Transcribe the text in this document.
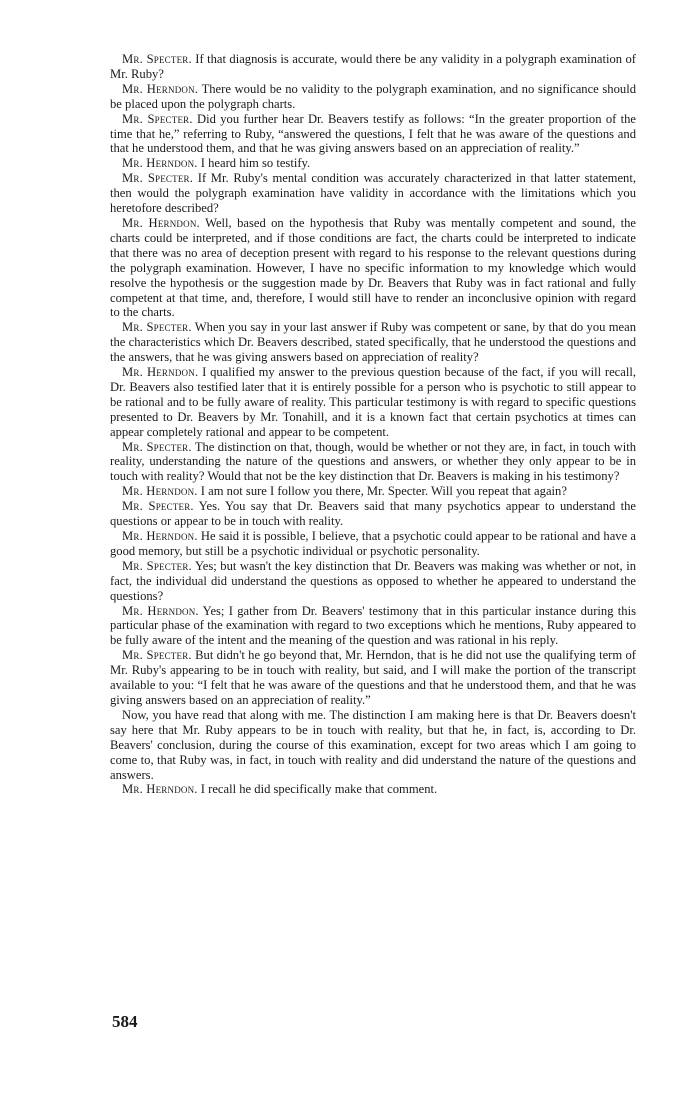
Mr. Specter. If that diagnosis is accurate, would there be any validity in a polygraph examination of Mr. Ruby?

Mr. Herndon. There would be no validity to the polygraph examination, and no significance should be placed upon the polygraph charts.

Mr. Specter. Did you further hear Dr. Beavers testify as follows: “In the greater proportion of the time that he,” referring to Ruby, “answered the questions, I felt that he was aware of the questions and that he understood them, and that he was giving answers based on an appreciation of reality.”

Mr. Herndon. I heard him so testify.

Mr. Specter. If Mr. Ruby's mental condition was accurately characterized in that latter statement, then would the polygraph examination have validity in accordance with the limitations which you heretofore described?

Mr. Herndon. Well, based on the hypothesis that Ruby was mentally competent and sound, the charts could be interpreted, and if those conditions are fact, the charts could be interpreted to indicate that there was no area of deception present with regard to his response to the relevant questions during the polygraph examination. However, I have no specific information to my knowledge which would resolve the hypothesis or the suggestion made by Dr. Beavers that Ruby was in fact rational and fully competent at that time, and, therefore, I would still have to render an inconclusive opinion with regard to the charts.

Mr. Specter. When you say in your last answer if Ruby was competent or sane, by that do you mean the characteristics which Dr. Beavers described, stated specifically, that he understood the questions and the answers, that he was giving answers based on appreciation of reality?

Mr. Herndon. I qualified my answer to the previous question because of the fact, if you will recall, Dr. Beavers also testified later that it is entirely possible for a person who is psychotic to still appear to be rational and to be fully aware of reality. This particular testimony is with regard to specific questions presented to Dr. Beavers by Mr. Tonahill, and it is a known fact that certain psychotics at times can appear completely rational and appear to be competent.

Mr. Specter. The distinction on that, though, would be whether or not they are, in fact, in touch with reality, understanding the nature of the questions and answers, or whether they only appear to be in touch with reality? Would that not be the key distinction that Dr. Beavers is making in his testimony?

Mr. Herndon. I am not sure I follow you there, Mr. Specter. Will you repeat that again?

Mr. Specter. Yes. You say that Dr. Beavers said that many psychotics appear to understand the questions or appear to be in touch with reality.

Mr. Herndon. He said it is possible, I believe, that a psychotic could appear to be rational and have a good memory, but still be a psychotic individual or psychotic personality.

Mr. Specter. Yes; but wasn't the key distinction that Dr. Beavers was making was whether or not, in fact, the individual did understand the questions as opposed to whether he appeared to understand the questions?

Mr. Herndon. Yes; I gather from Dr. Beavers' testimony that in this particular instance during this particular phase of the examination with regard to two exceptions which he mentions, Ruby appeared to be fully aware of the intent and the meaning of the question and was rational in his reply.

Mr. Specter. But didn't he go beyond that, Mr. Herndon, that is he did not use the qualifying term of Mr. Ruby's appearing to be in touch with reality, but said, and I will make the portion of the transcript available to you: “I felt that he was aware of the questions and that he understood them, and that he was giving answers based on an appreciation of reality.”

Now, you have read that along with me. The distinction I am making here is that Dr. Beavers doesn't say here that Mr. Ruby appears to be in touch with reality, but that he, in fact, is, according to Dr. Beavers' conclusion, during the course of this examination, except for two areas which I am going to come to, that Ruby was, in fact, in touch with reality and did understand the nature of the questions and answers.

Mr. Herndon. I recall he did specifically make that comment.

584
